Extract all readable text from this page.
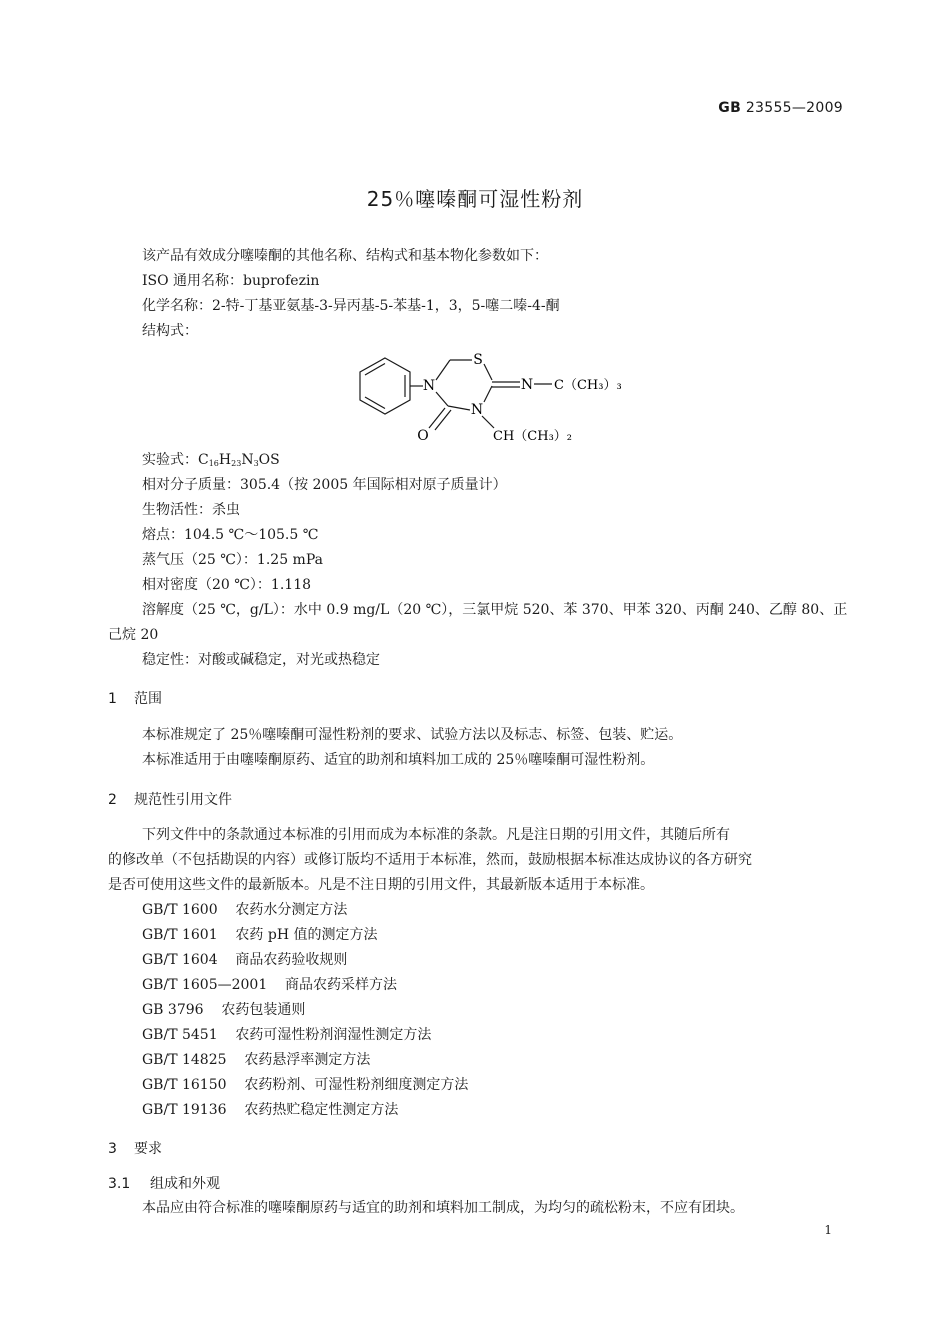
GB 23555—2009
25％噻嗪酮可湿性粉剂
该产品有效成分噻嗪酮的其他名称、结构式和基本物化参数如下：
ISO 通用名称：buprofezin
化学名称：2-特-丁基亚氨基-3-异丙基-5-苯基-1，3，5-噻二嗪-4-酮
结构式：
N
S
N
N
O
C（CH₃）₃
CH（CH₃）₂
实验式：$C_{16}H_{23}N_3OS$
相对分子质量：305.4（按 2005 年国际相对原子质量计）
生物活性：杀虫
熔点：104.5 ℃～105.5 ℃
蒸气压（25 ℃）：1.25 mPa
相对密度（20 ℃）：1.118
溶解度（25 ℃，g/L）：水中 0.9 mg/L（20 ℃），三氯甲烷 520、苯 370、甲苯 320、丙酮 240、乙醇 80、正
己烷 20
稳定性：对酸或碱稳定，对光或热稳定
1 范围
本标准规定了 25％噻嗪酮可湿性粉剂的要求、试验方法以及标志、标签、包装、贮运。
本标准适用于由噻嗪酮原药、适宜的助剂和填料加工成的 25％噻嗪酮可湿性粉剂。
2 规范性引用文件
下列文件中的条款通过本标准的引用而成为本标准的条款。凡是注日期的引用文件，其随后所有
的修改单（不包括勘误的内容）或修订版均不适用于本标准，然而，鼓励根据本标准达成协议的各方研究
是否可使用这些文件的最新版本。凡是不注日期的引用文件，其最新版本适用于本标准。
GB/T 1600 农药水分测定方法
GB/T 1601 农药 pH 值的测定方法
GB/T 1604 商品农药验收规则
GB/T 1605—2001 商品农药采样方法
GB 3796 农药包装通则
GB/T 5451 农药可湿性粉剂润湿性测定方法
GB/T 14825 农药悬浮率测定方法
GB/T 16150 农药粉剂、可湿性粉剂细度测定方法
GB/T 19136 农药热贮稳定性测定方法
3 要求
3.1 组成和外观
本品应由符合标准的噻嗪酮原药与适宜的助剂和填料加工制成，为均匀的疏松粉末，不应有团块。
1
